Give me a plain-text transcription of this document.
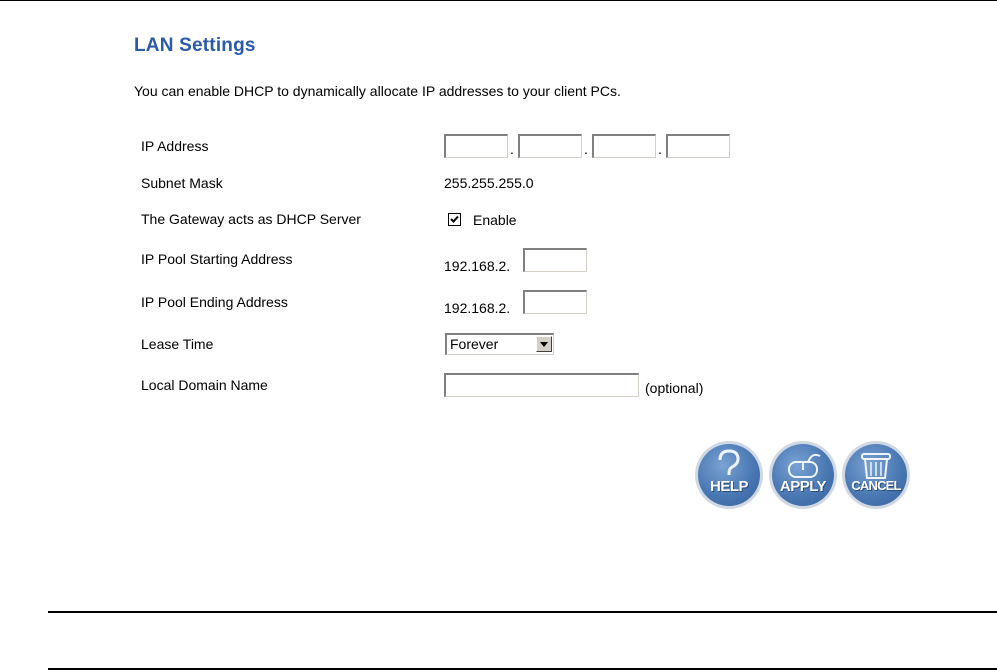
LAN Settings
You can enable DHCP to dynamically allocate IP addresses to your client PCs.
IP Address	.	.	.
Subnet Mask	255.255.255.0
The Gateway acts as DHCP Server	Enable
IP Pool Starting Address	192.168.2.
IP Pool Ending Address	192.168.2.
Lease Time	Forever
Local Domain Name	(optional)
HELP	APPLY	CANCEL
